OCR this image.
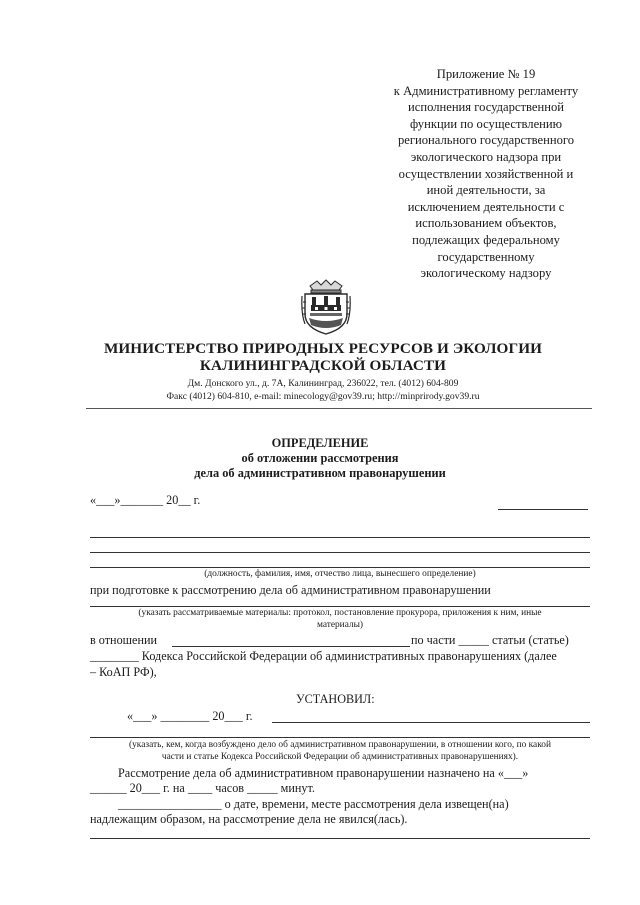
Приложение № 19
к Административному регламенту
исполнения государственной
функции по осуществлению
регионального государственного
экологического надзора при
осуществлении хозяйственной и
иной деятельности, за
исключением деятельности с
использованием объектов,
подлежащих федеральному
государственному
экологическому надзору
МИНИСТЕРСТВО ПРИРОДНЫХ РЕСУРСОВ И ЭКОЛОГИИ
КАЛИНИНГРАДСКОЙ ОБЛАСТИ
Дм. Донского ул., д. 7А, Калининград, 236022, тел. (4012) 604-809
Факс (4012) 604-810, e-mail: minecology@gov39.ru; http://minprirody.gov39.ru
ОПРЕДЕЛЕНИЕ
об отложении рассмотрения
дела об административном правонарушении
«___»_______ 20__ г.
(должность, фамилия, имя, отчество лица, вынесшего определение)
при подготовке к рассмотрению дела об административном правонарушении
(указать рассматриваемые материалы: протокол, постановление прокурора, приложения к ним, иные
материалы)
в отношении	по части _____ статьи (статье)
________ Кодекса Российской Федерации об административных правонарушениях (далее
– КоАП РФ),
УСТАНОВИЛ:
«___» ________ 20___ г.
(указать, кем, когда возбуждено дело об административном правонарушении, в отношении кого, по какой
части и статье Кодекса Российской Федерации об административных правонарушениях).
Рассмотрение дела об административном правонарушении назначено на «___»
______ 20___ г. на ____ часов _____ минут.
_________________ о дате, времени, месте рассмотрения дела извещен(на)
надлежащим образом, на рассмотрение дела не явился(лась).
